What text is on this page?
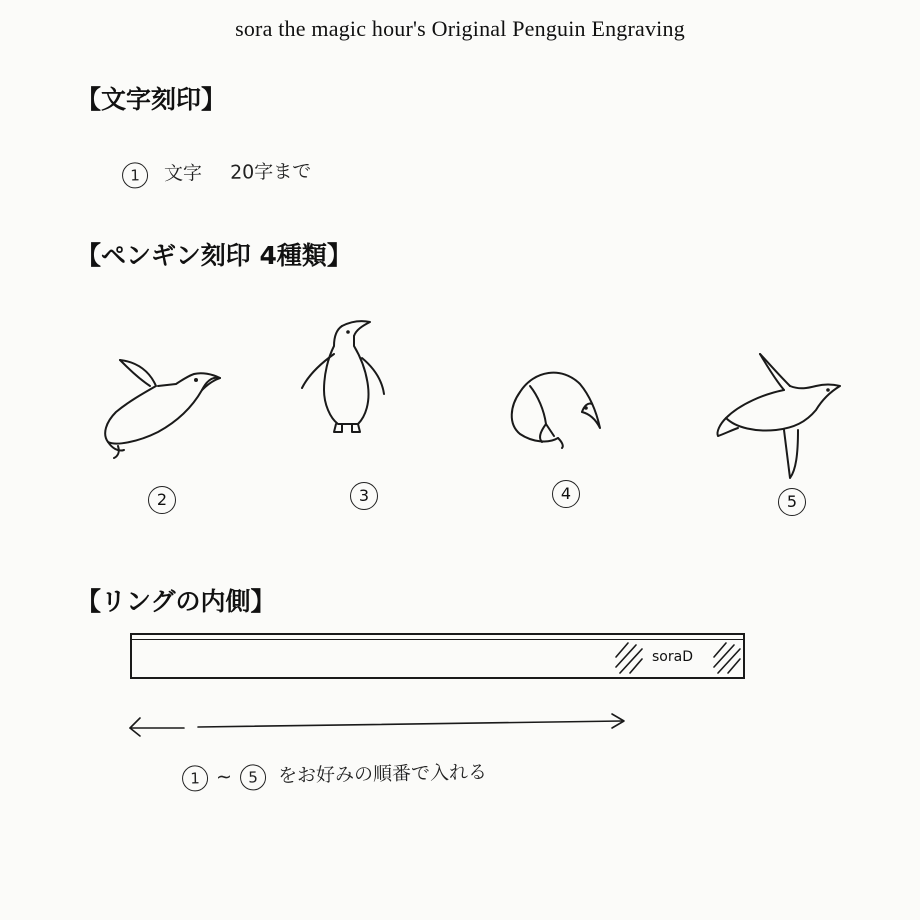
sora the magic hour's Original Penguin Engraving
【文字刻印】
1 文字 20字まで
【ペンギン刻印 4種類】
2	3	4	5
【リングの内側】
soraD
1 ~ 5 をお好みの順番で入れる
